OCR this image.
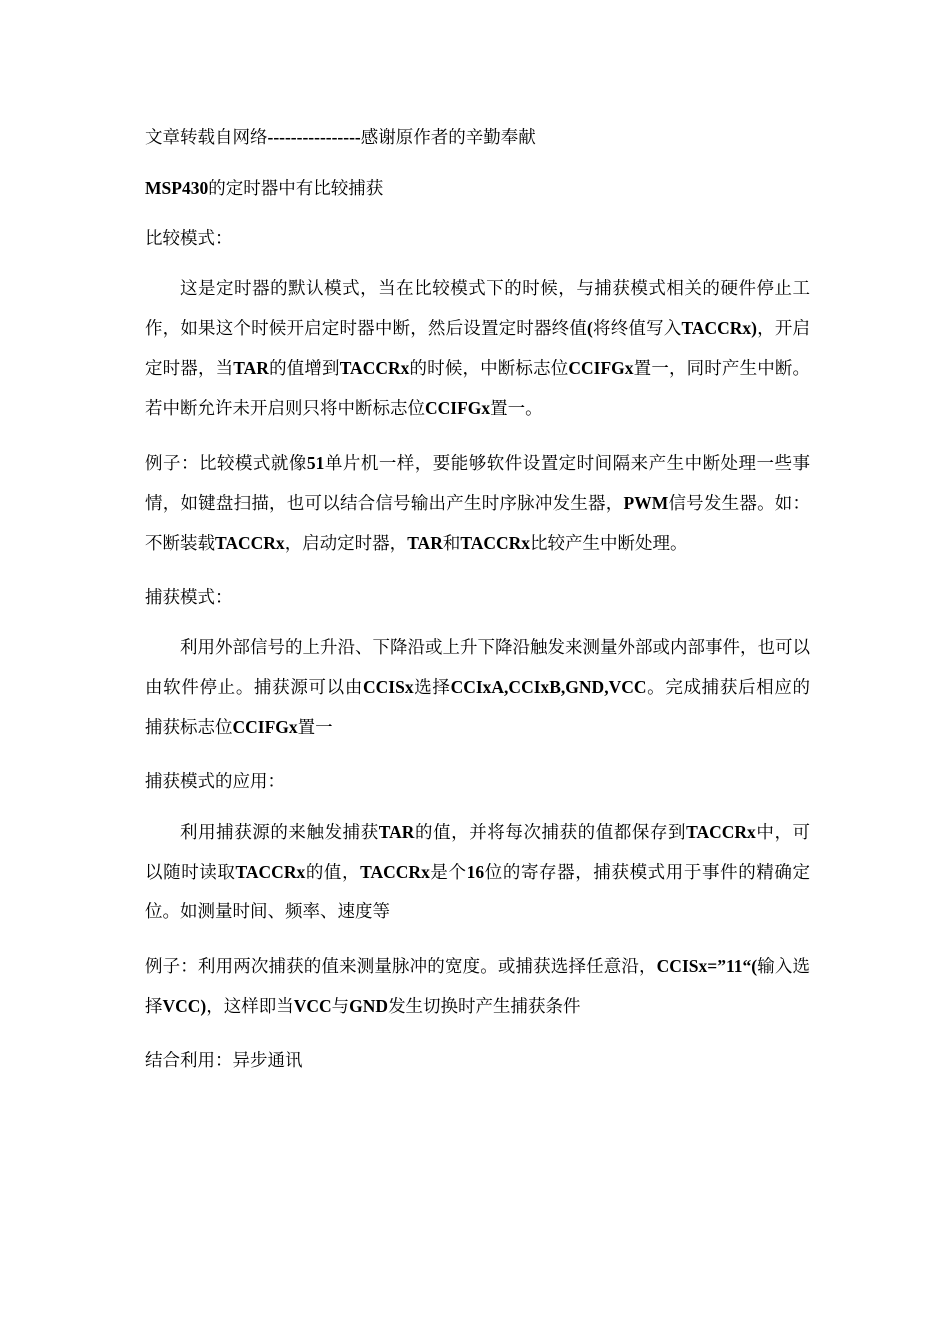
文章转载自网络----------------感谢原作者的辛勤奉献

MSP430的定时器中有比较捕获

比较模式：

这是定时器的默认模式，当在比较模式下的时候，与捕获模式相关的硬件停止工作，如果这个时候开启定时器中断，然后设置定时器终值(将终值写入TACCRx)，开启定时器，当TAR的值增到TACCRx的时候，中断标志位CCIFGx置一，同时产生中断。若中断允许未开启则只将中断标志位CCIFGx置一。

例子：比较模式就像51单片机一样，要能够软件设置定时间隔来产生中断处理一些事情，如键盘扫描，也可以结合信号输出产生时序脉冲发生器，PWM信号发生器。如：不断装载TACCRx，启动定时器，TAR和TACCRx比较产生中断处理。

捕获模式：

利用外部信号的上升沿、下降沿或上升下降沿触发来测量外部或内部事件，也可以由软件停止。捕获源可以由CCISx选择CCIxA,CCIxB,GND,VCC。完成捕获后相应的捕获标志位CCIFGx置一

捕获模式的应用：

利用捕获源的来触发捕获TAR的值，并将每次捕获的值都保存到TACCRx中，可以随时读取TACCRx的值，TACCRx是个16位的寄存器，捕获模式用于事件的精确定位。如测量时间、频率、速度等

例子：利用两次捕获的值来测量脉冲的宽度。或捕获选择任意沿，CCISx=”11“(输入选择VCC)，这样即当VCC与GND发生切换时产生捕获条件

结合利用：异步通讯
